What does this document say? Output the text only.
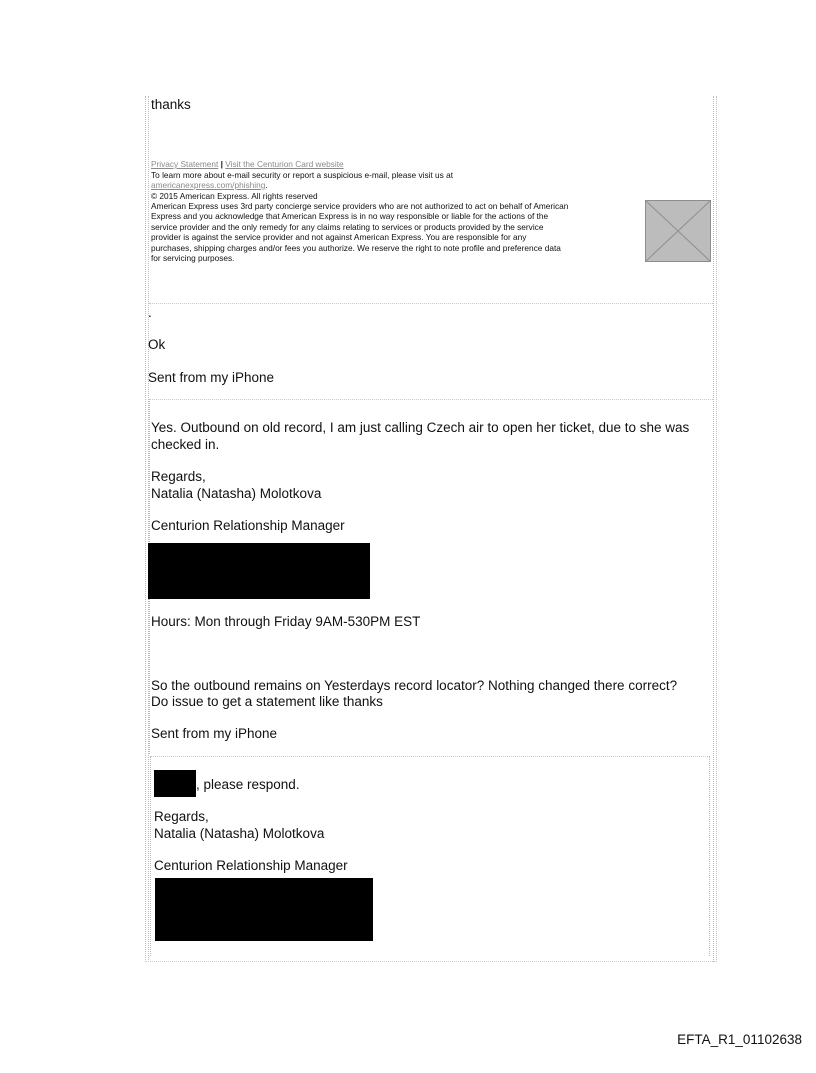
thanks
Privacy Statement | Visit the Centurion Card website
To learn more about e-mail security or report a suspicious e-mail, please visit us at
americanexpress.com/phishing.
© 2015 American Express. All rights reserved
American Express uses 3rd party concierge service providers who are not authorized to act on behalf of American
Express and you acknowledge that American Express is in no way responsible or liable for the actions of the
service provider and the only remedy for any claims relating to services or products provided by the service
provider is against the service provider and not against American Express. You are responsible for any
purchases, shipping charges and/or fees you authorize. We reserve the right to note profile and preference data
for servicing purposes.
.
Ok
Sent from my iPhone
Yes. Outbound on old record, I am just calling Czech air to open her ticket, due to she was
checked in.
Regards,
Natalia (Natasha) Molotkova
Centurion Relationship Manager
Hours: Mon through Friday 9AM-530PM EST
So the outbound remains on Yesterdays record locator? Nothing changed there correct?
Do issue to get a statement like thanks
Sent from my iPhone
, please respond.
Regards,
Natalia (Natasha) Molotkova
Centurion Relationship Manager
EFTA_R1_01102638
